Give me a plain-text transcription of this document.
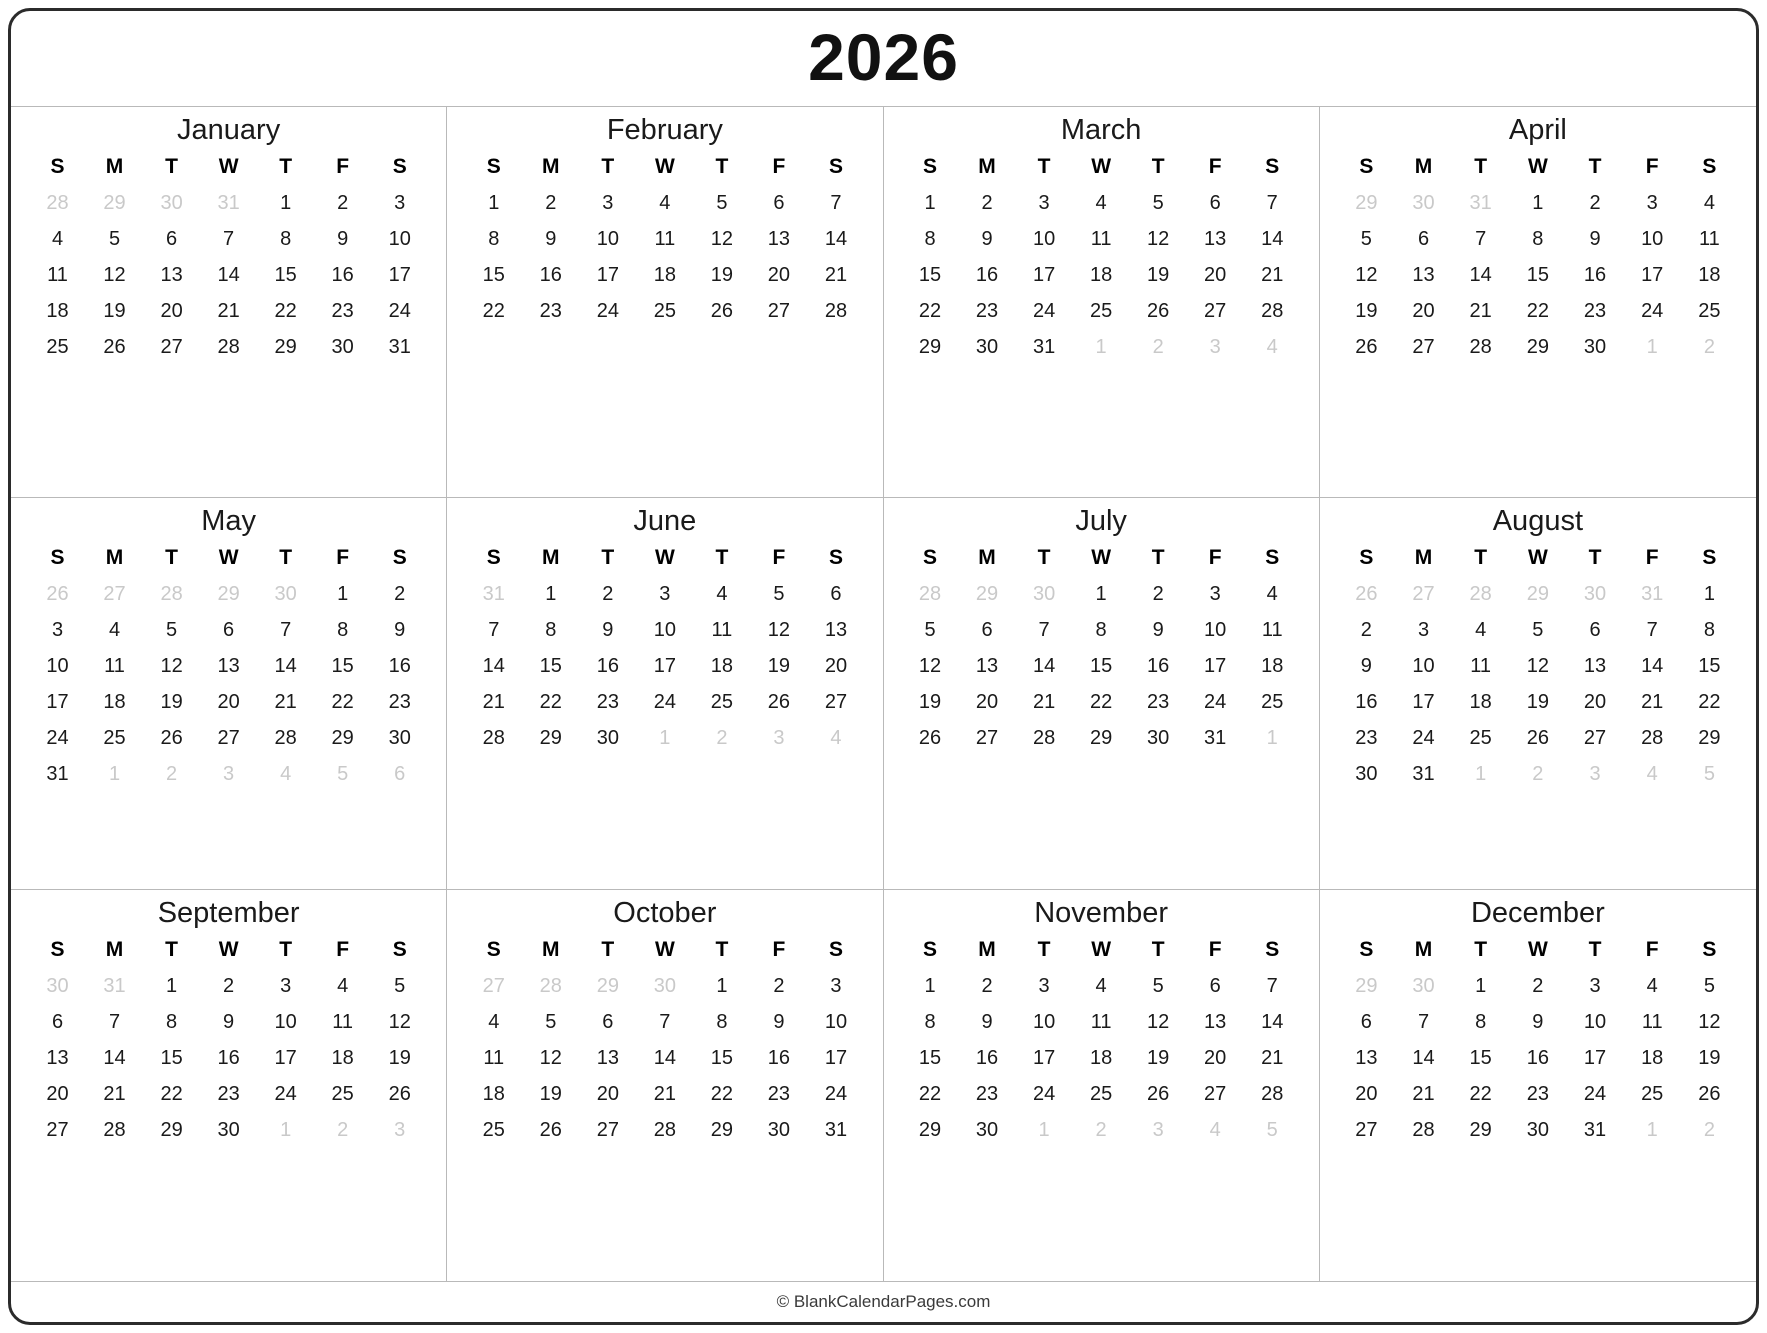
2026
January
S	M	T	W	T	F	S
28	29	30	31	1	2	3
4	5	6	7	8	9	10
11	12	13	14	15	16	17
18	19	20	21	22	23	24
25	26	27	28	29	30	31
February
S	M	T	W	T	F	S
1	2	3	4	5	6	7
8	9	10	11	12	13	14
15	16	17	18	19	20	21
22	23	24	25	26	27	28
March
S	M	T	W	T	F	S
1	2	3	4	5	6	7
8	9	10	11	12	13	14
15	16	17	18	19	20	21
22	23	24	25	26	27	28
29	30	31	1	2	3	4
April
S	M	T	W	T	F	S
29	30	31	1	2	3	4
5	6	7	8	9	10	11
12	13	14	15	16	17	18
19	20	21	22	23	24	25
26	27	28	29	30	1	2
May
S	M	T	W	T	F	S
26	27	28	29	30	1	2
3	4	5	6	7	8	9
10	11	12	13	14	15	16
17	18	19	20	21	22	23
24	25	26	27	28	29	30
31	1	2	3	4	5	6
June
S	M	T	W	T	F	S
31	1	2	3	4	5	6
7	8	9	10	11	12	13
14	15	16	17	18	19	20
21	22	23	24	25	26	27
28	29	30	1	2	3	4
July
S	M	T	W	T	F	S
28	29	30	1	2	3	4
5	6	7	8	9	10	11
12	13	14	15	16	17	18
19	20	21	22	23	24	25
26	27	28	29	30	31	1
August
S	M	T	W	T	F	S
26	27	28	29	30	31	1
2	3	4	5	6	7	8
9	10	11	12	13	14	15
16	17	18	19	20	21	22
23	24	25	26	27	28	29
30	31	1	2	3	4	5
September
S	M	T	W	T	F	S
30	31	1	2	3	4	5
6	7	8	9	10	11	12
13	14	15	16	17	18	19
20	21	22	23	24	25	26
27	28	29	30	1	2	3
October
S	M	T	W	T	F	S
27	28	29	30	1	2	3
4	5	6	7	8	9	10
11	12	13	14	15	16	17
18	19	20	21	22	23	24
25	26	27	28	29	30	31
November
S	M	T	W	T	F	S
1	2	3	4	5	6	7
8	9	10	11	12	13	14
15	16	17	18	19	20	21
22	23	24	25	26	27	28
29	30	1	2	3	4	5
December
S	M	T	W	T	F	S
29	30	1	2	3	4	5
6	7	8	9	10	11	12
13	14	15	16	17	18	19
20	21	22	23	24	25	26
27	28	29	30	31	1	2
© BlankCalendarPages.com
